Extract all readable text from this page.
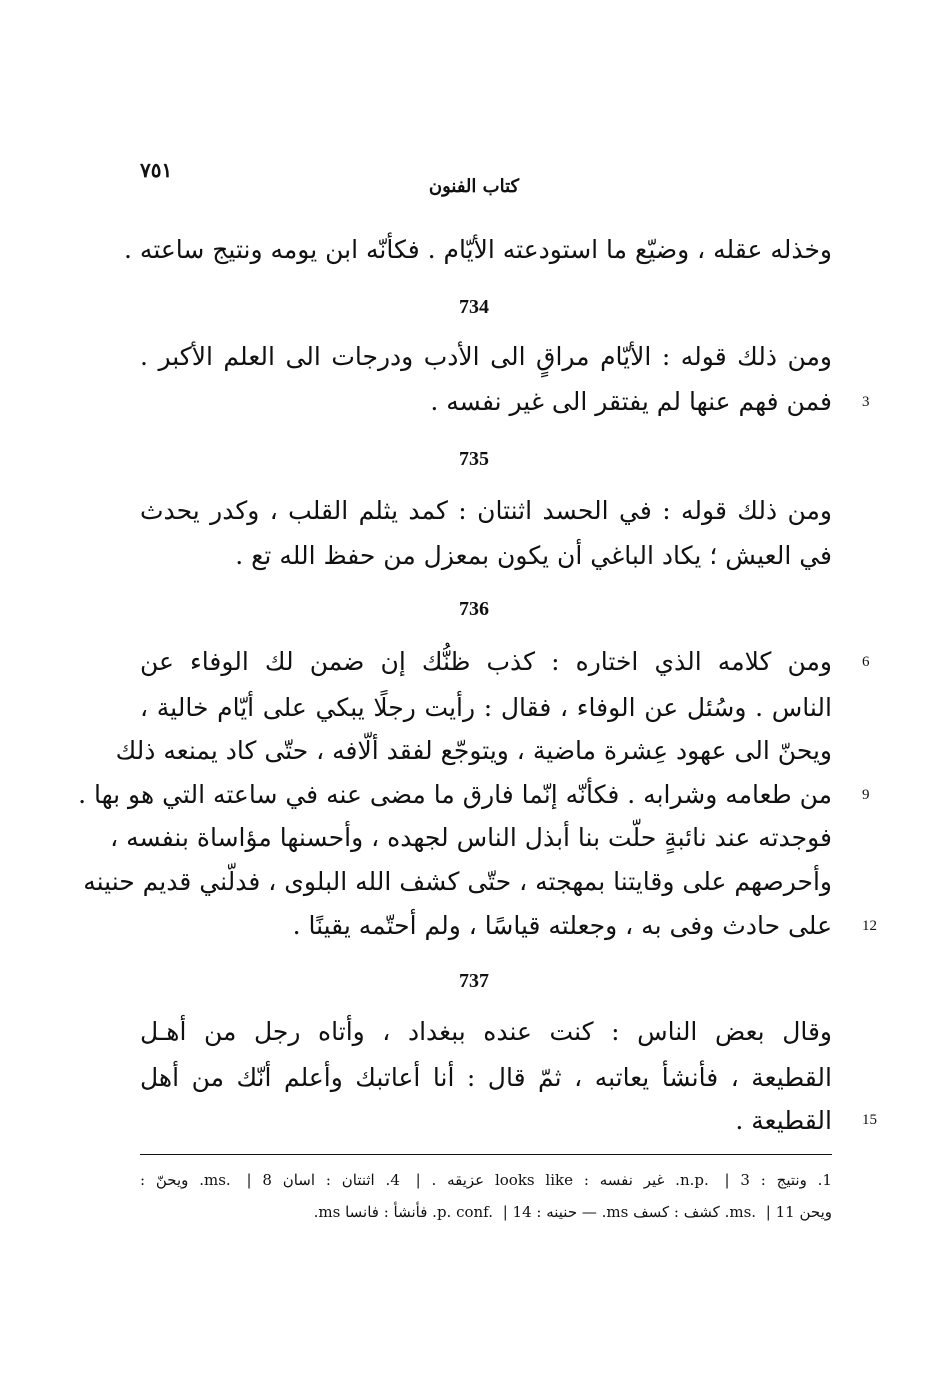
٧٥١
كتاب الفنون
وخذله عقله ، وضيّع ما استودعته الأيّام . فكأنّه ابن يومه ونتيج ساعته .
734
ومن ذلك قوله : الأيّام مراقٍ الى الأدب ودرجات الى العلم الأكبر .
فمن فهم عنها لم يفتقر الى غير نفسه . 3
735
ومن ذلك قوله : في الحسد اثنتان : كمد يثلم القلب ، وكدر يحدث
في العيش ؛ يكاد الباغي أن يكون بمعزل من حفظ الله تع .
736
ومن كلامه الذي اختاره : كذب ظنُّك إن ضمن لك الوفاء عن 6
الناس . وسُئل عن الوفاء ، فقال : رأيت رجلًا يبكي على أيّام خالية ،
ويحنّ الى عهود عِشرة ماضية ، ويتوجّع لفقد ألّافه ، حتّى كاد يمنعه ذلك
من طعامه وشرابه . فكأنّه إنّما فارق ما مضى عنه في ساعته التي هو بها . 9
فوجدته عند نائبةٍ حلّت بنا أبذل الناس لجهده ، وأحسنها مؤاساة بنفسه ،
وأحرصهم على وقايتنا بمهجته ، حتّى كشف الله البلوى ، فدلّني قديم حنينه
على حادث وفى به ، وجعلته قياسًا ، ولم أحتّمه يقينًا . 12
737
وقال بعض الناس : كنت عنده ببغداد ، وأتاه رجل من أهـل
القطيعة ، فأنشأ يعاتبه ، ثمّ قال : أنا أعاتبك وأعلم أنّك من أهل
القطيعة . 15
1. ونتيج : n.p. | 3. غير نفسه : looks like عزيقه . | 4. اثنتان : اسان ms. | 8. ويحنّ :
ويحن ms. | 11. كشف : كسف ms. — حنينه : p. conf. | 14. فأنشأ : فانسا ms.
